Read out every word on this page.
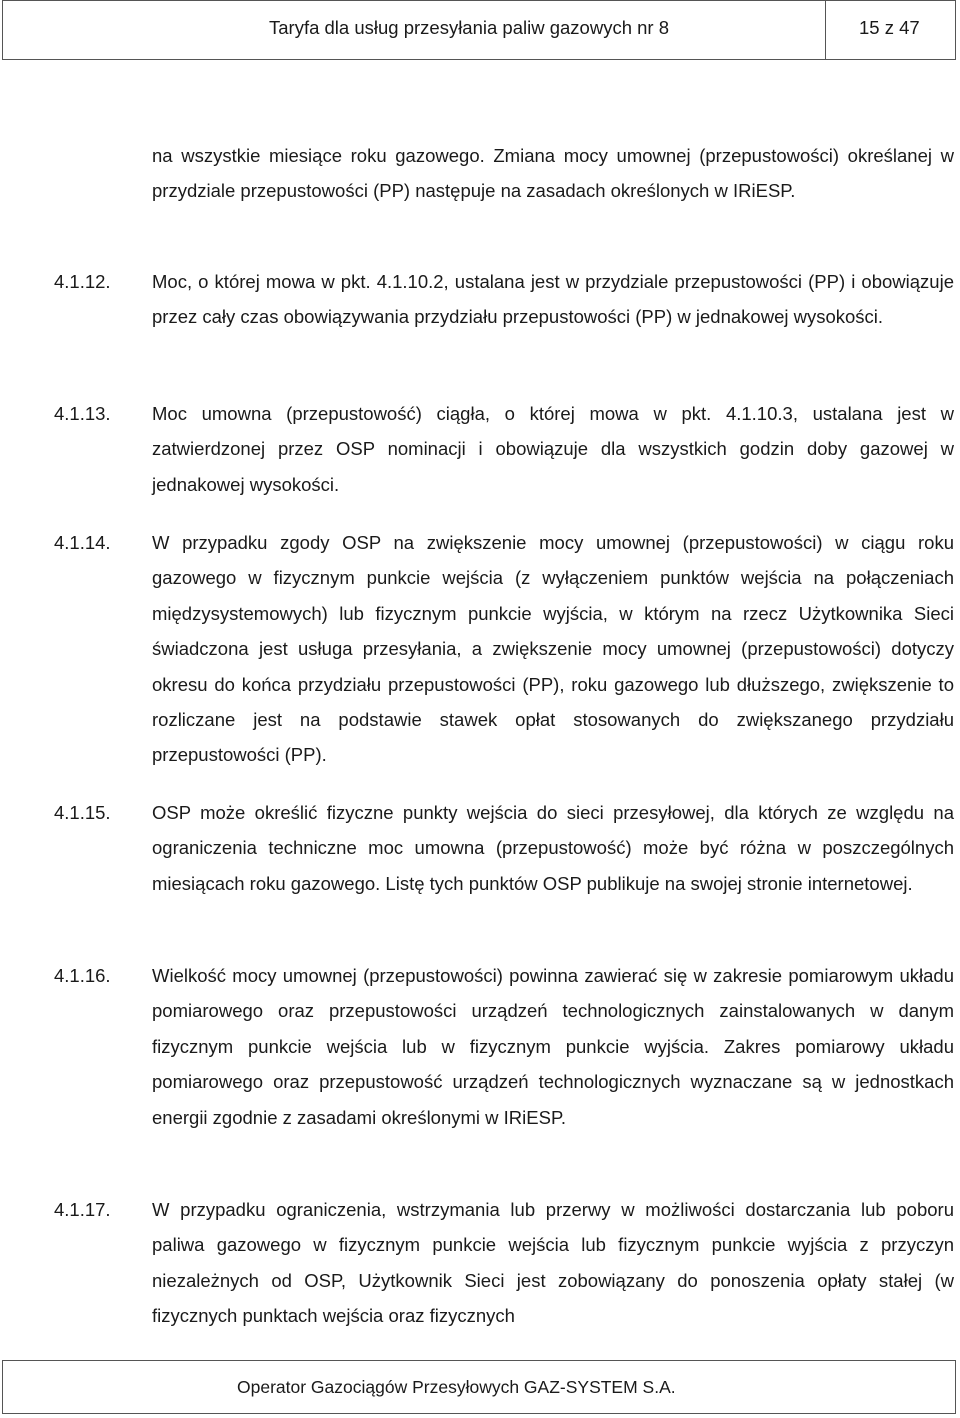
Taryfa dla usług przesyłania paliw gazowych nr 8	15 z 47
na wszystkie miesiące roku gazowego. Zmiana mocy umownej (przepustowości) określanej w przydziale przepustowości (PP) następuje na zasadach określonych w IRiESP.
4.1.12. Moc, o której mowa w pkt. 4.1.10.2, ustalana jest w przydziale przepustowości (PP) i obowiązuje przez cały czas obowiązywania przydziału przepustowości (PP) w jednakowej wysokości.
4.1.13. Moc umowna (przepustowość) ciągła, o której mowa w pkt. 4.1.10.3, ustalana jest w zatwierdzonej przez OSP nominacji i obowiązuje dla wszystkich godzin doby gazowej w jednakowej wysokości.
4.1.14. W przypadku zgody OSP na zwiększenie mocy umownej (przepustowości) w ciągu roku gazowego w fizycznym punkcie wejścia (z wyłączeniem punktów wejścia na połączeniach międzysystemowych) lub fizycznym punkcie wyjścia, w którym na rzecz Użytkownika Sieci świadczona jest usługa przesyłania, a zwiększenie mocy umownej (przepustowości) dotyczy okresu do końca przydziału przepustowości (PP), roku gazowego lub dłuższego, zwiększenie to rozliczane jest na podstawie stawek opłat stosowanych do zwiększanego przydziału przepustowości (PP).
4.1.15. OSP może określić fizyczne punkty wejścia do sieci przesyłowej, dla których ze względu na ograniczenia techniczne moc umowna (przepustowość) może być różna w poszczególnych miesiącach roku gazowego. Listę tych punktów OSP publikuje na swojej stronie internetowej.
4.1.16. Wielkość mocy umownej (przepustowości) powinna zawierać się w zakresie pomiarowym układu pomiarowego oraz przepustowości urządzeń technologicznych zainstalowanych w danym fizycznym punkcie wejścia lub w fizycznym punkcie wyjścia. Zakres pomiarowy układu pomiarowego oraz przepustowość urządzeń technologicznych wyznaczane są w jednostkach energii zgodnie z zasadami określonymi w IRiESP.
4.1.17. W przypadku ograniczenia, wstrzymania lub przerwy w możliwości dostarczania lub poboru paliwa gazowego w fizycznym punkcie wejścia lub fizycznym punkcie wyjścia z przyczyn niezależnych od OSP, Użytkownik Sieci jest zobowiązany do ponoszenia opłaty stałej (w fizycznych punktach wejścia oraz fizycznych
Operator Gazociągów Przesyłowych GAZ-SYSTEM S.A.
